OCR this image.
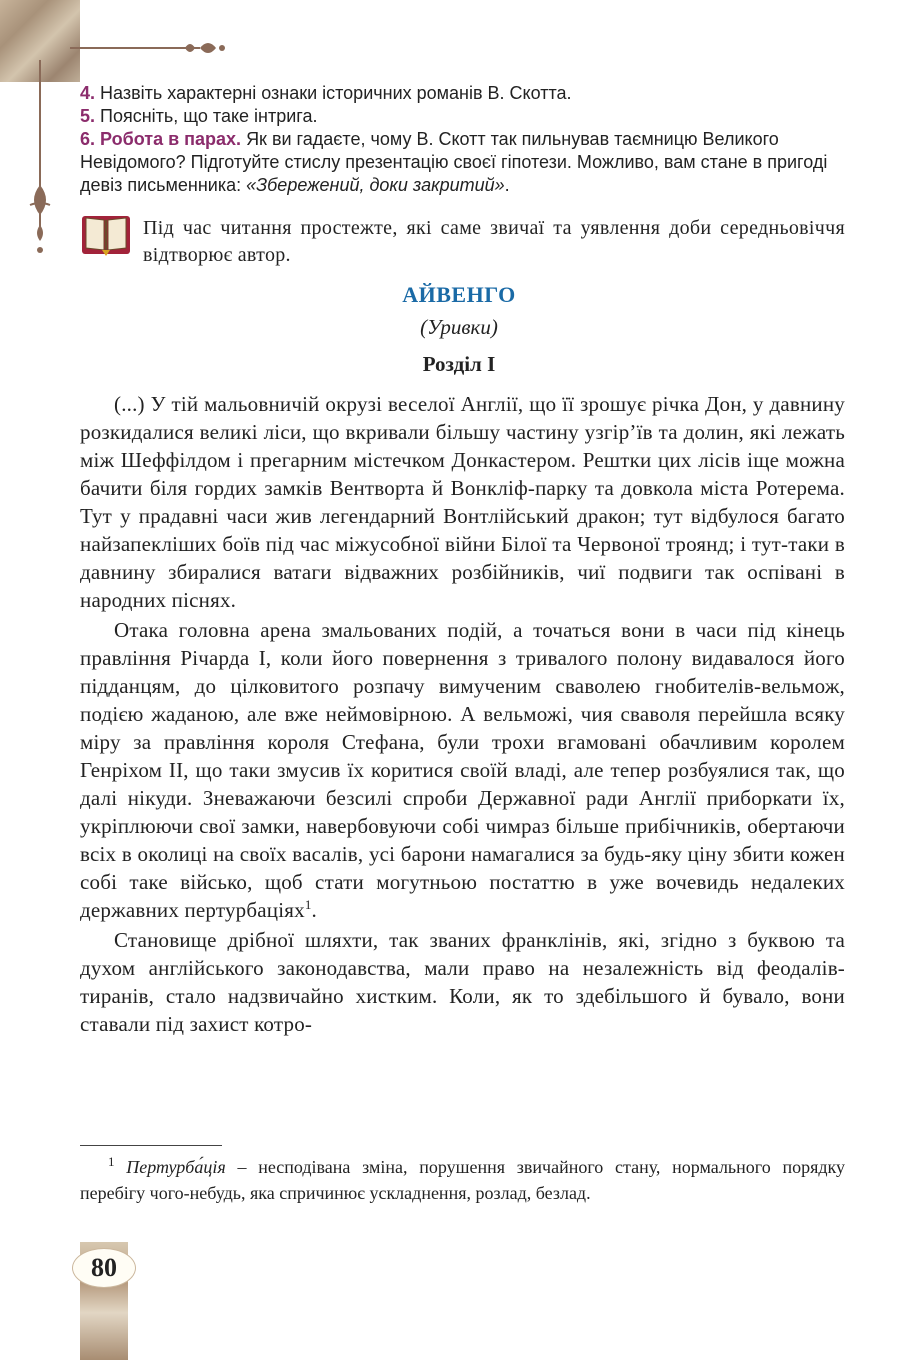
4. Назвіть характерні ознаки історичних романів В. Скотта.

5. Поясніть, що таке інтрига.

6. Робота в парах. Як ви гадаєте, чому В. Скотт так пильнував таємницю Великого Невідомого? Підготуйте стислу презентацію своєї гіпотези. Можливо, вам стане в пригоді девіз письменника: «Збережений, доки закритий».

Під час читання простежте, які саме звичаї та уявлення доби середньовіччя відтворює автор.
АЙВЕНГО
(Уривки)
Розділ І

(...) У тій мальовничій окрузі веселої Англії, що її зрошує річка Дон, у давнину розкидалися великі ліси, що вкривали більшу частину узгір’їв та долин, які лежать між Шеффілдом і прегарним містечком Донкастером. Рештки цих лісів іще можна бачити біля гордих замків Вентворта й Вонкліф-парку та довкола міста Ротерема. Тут у прадавні часи жив легендарний Вонтлійський дракон; тут відбулося багато найзапекліших боїв під час міжусобної війни Білої та Червоної троянд; і тут-таки в давнину збиралися ватаги відважних розбійників, чиї подвиги так оспівані в народних піснях.

Отака головна арена змальованих подій, а точаться вони в часи під кінець правління Річарда І, коли його повернення з тривалого полону видавалося його підданцям, до цілковитого розпачу вимученим сваволею гнобителів-вельмож, подією жаданою, але вже неймовірною. А вельможі, чия сваволя перейшла всяку міру за правління короля Стефана, були трохи вгамовані обачливим королем Генріхом ІІ, що таки змусив їх коритися своїй владі, але тепер розбуялися так, що далі нікуди. Зневажаючи безсилі спроби Державної ради Англії приборкати їх, укріплюючи свої замки, навербовуючи собі чимраз більше прибічників, обертаючи всіх в околиці на своїх васалів, усі барони намагалися за будь-яку ціну збити кожен собі таке військо, щоб стати могутньою постаттю в уже вочевидь недалеких державних пертурбаціях$^1$.

Становище дрібної шляхти, так званих франклінів, які, згідно з буквою та духом англійського законодавства, мали право на незалежність від феодалів-тиранів, стало надзвичайно хистким. Коли, як то здебільшого й бувало, вони ставали під захист котро-

$^1$ Пертурба́ція – несподівана зміна, порушення звичайного стану, нормального порядку перебігу чого-небудь, яка спричинює ускладнення, розлад, безлад.
80
